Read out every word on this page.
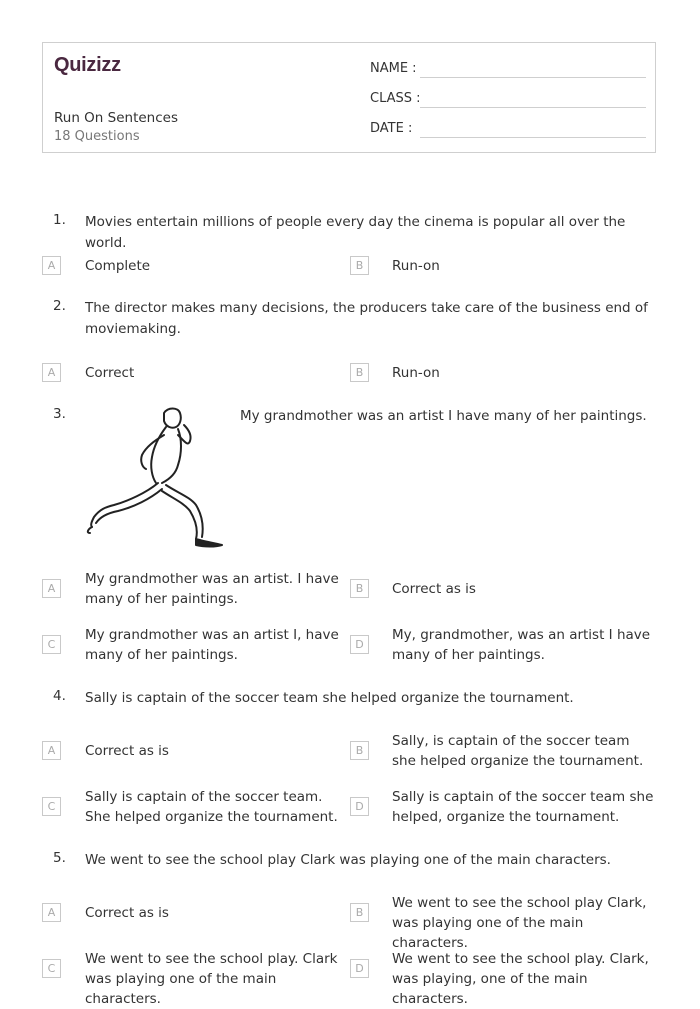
Quizizz
Run On Sentences
18 Questions
NAME :
CLASS :
DATE :
1. Movies entertain millions of people every day the cinema is popular all over the world.
A	Complete	B	Run-on
2. The director makes many decisions, the producers take care of the business end of moviemaking.
A	Correct	B	Run-on
3.	My grandmother was an artist I have many of her paintings.
A
My grandmother was an artist. I have many of her paintings.
B	Correct as is
C
My grandmother was an artist I, have many of her paintings.
D
My, grandmother, was an artist I have many of her paintings.
4. Sally is captain of the soccer team she helped organize the tournament.
A	Correct as is	B
Sally, is captain of the soccer team she helped organize the tournament.
C
Sally is captain of the soccer team. She helped organize the tournament.
D
Sally is captain of the soccer team she helped, organize the tournament.
5. We went to see the school play Clark was playing one of the main characters.
A	Correct as is	B
We went to see the school play Clark, was playing one of the main characters.
C
We went to see the school play. Clark was playing one of the main characters.
D
We went to see the school play. Clark, was playing, one of the main characters.
